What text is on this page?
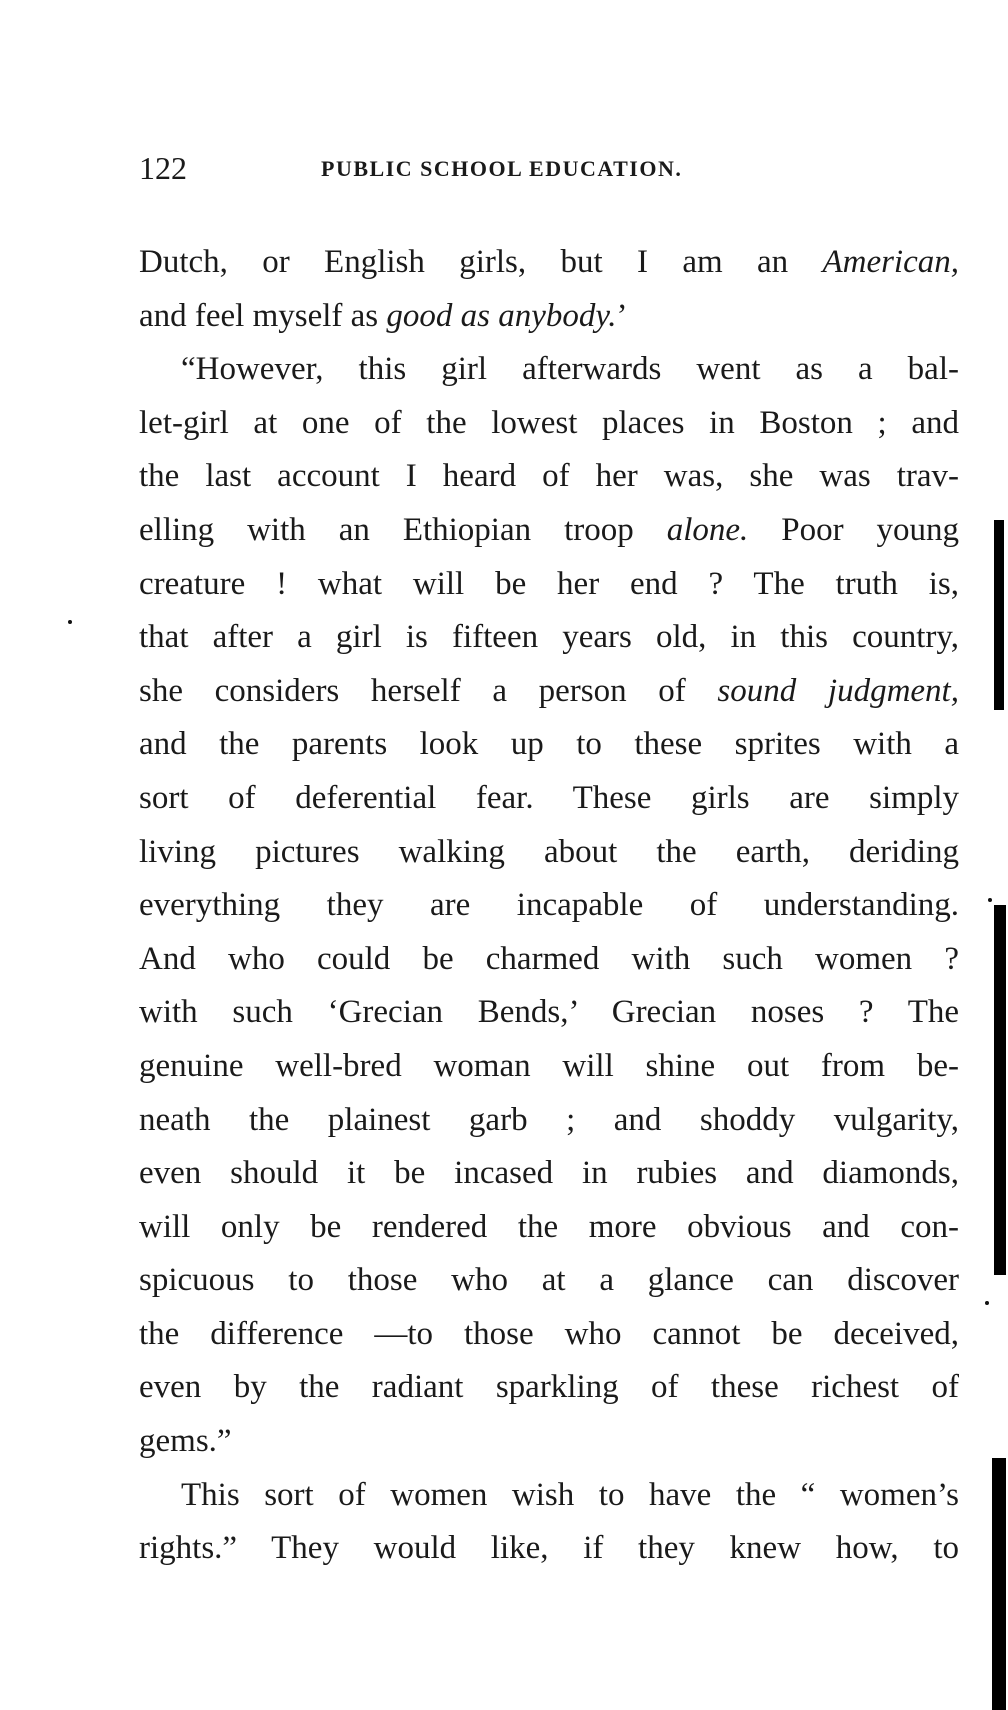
122	PUBLIC SCHOOL EDUCATION.
Dutch, or English girls, but I am an American,
and feel myself as good as anybody.’
“However, this girl afterwards went as a bal-
let-girl at one of the lowest places in Boston ; and
the last account I heard of her was, she was trav-
elling with an Ethiopian troop alone. Poor young
creature ! what will be her end ? The truth is,
that after a girl is fifteen years old, in this country,
she considers herself a person of sound judgment,
and the parents look up to these sprites with a
sort of deferential fear. These girls are simply
living pictures walking about the earth, deriding
everything they are incapable of understanding.
And who could be charmed with such women ?
with such ‘Grecian Bends,’ Grecian noses ? The
genuine well-bred woman will shine out from be-
neath the plainest garb ; and shoddy vulgarity,
even should it be incased in rubies and diamonds,
will only be rendered the more obvious and con-
spicuous to those who at a glance can discover
the difference —to those who cannot be deceived,
even by the radiant sparkling of these richest of
gems.”
This sort of women wish to have the “ women’s
rights.” They would like, if they knew how, to
